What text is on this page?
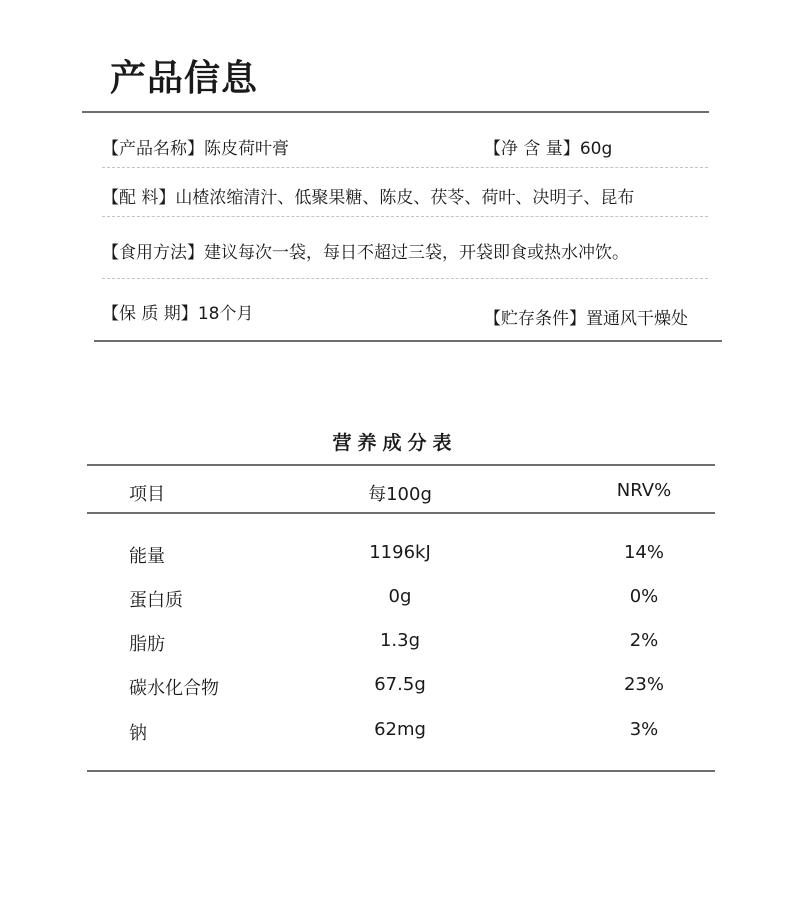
产品信息
【产品名称】陈皮荷叶膏	【净 含 量】60g
【配 料】山楂浓缩清汁、低聚果糖、陈皮、茯苓、荷叶、决明子、昆布
【食用方法】建议每次一袋，每日不超过三袋，开袋即食或热水冲饮。
【保 质 期】18个月	【贮存条件】置通风干燥处
营养成分表
项目	每100g	NRV%
能量	1196kJ	14%
蛋白质	0g	0%
脂肪	1.3g	2%
碳水化合物	67.5g	23%
钠	62mg	3%
